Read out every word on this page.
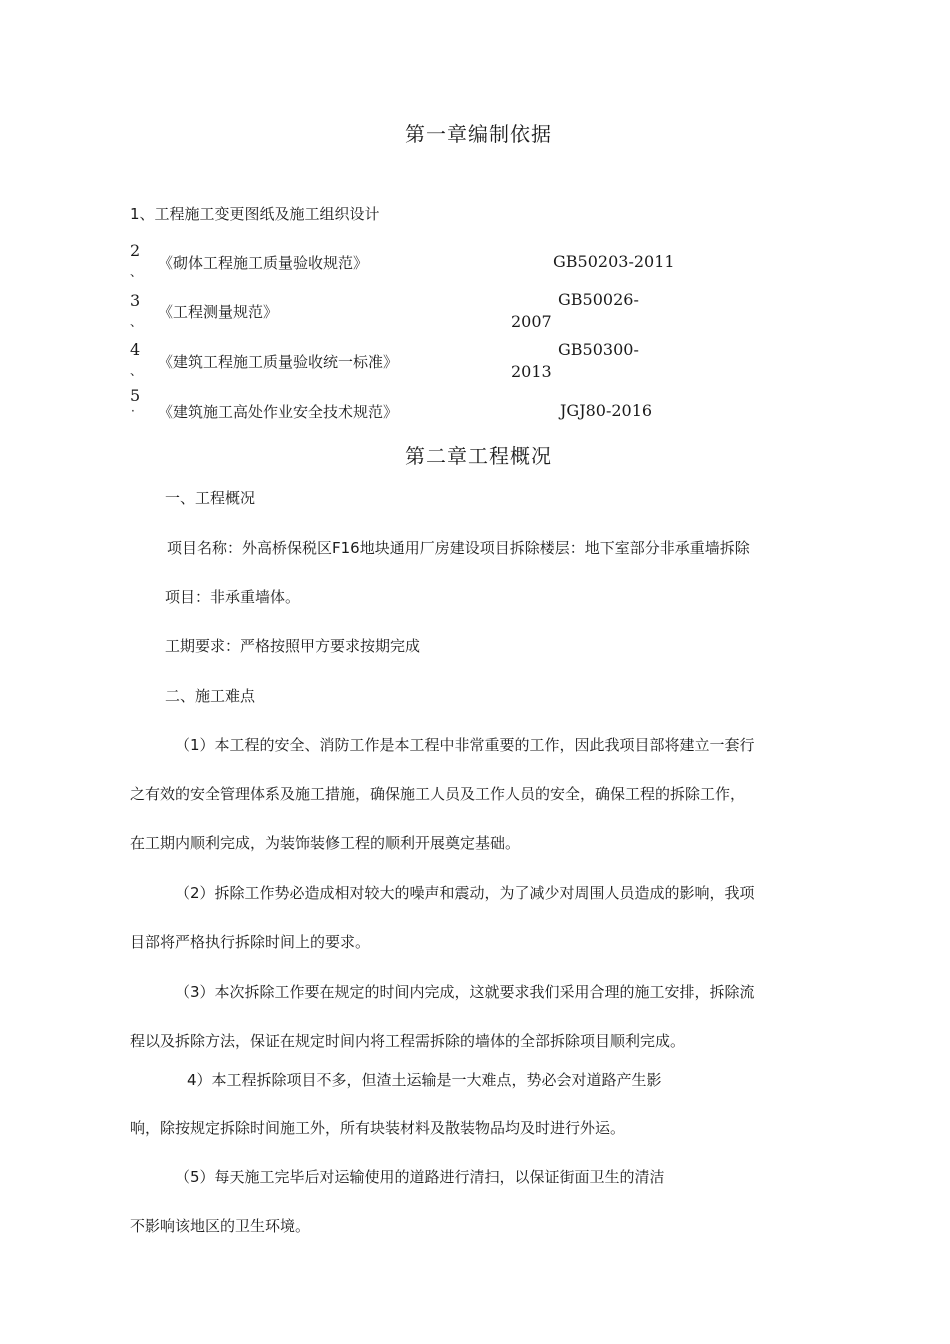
第一章编制依据
1、工程施工变更图纸及施工组织设计
2
、 《砌体工程施工质量验收规范》	GB50203-2011
3
、
《工程测量规范》
GB50026-
2007
4
、 《建筑工程施工质量验收统一标准》
GB50300-
2013
5
· 《建筑施工高处作业安全技术规范》	JGJ80-2016
第二章工程概况
一、工程概况
项目名称：外高桥保税区F16地块通用厂房建设项目拆除楼层：地下室部分非承重墙拆除
项目：非承重墙体。
工期要求：严格按照甲方要求按期完成
二、施工难点
（1）本工程的安全、消防工作是本工程中非常重要的工作，因此我项目部将建立一套行
之有效的安全管理体系及施工措施，确保施工人员及工作人员的安全，确保工程的拆除工作，
在工期内顺利完成，为装饰装修工程的顺利开展奠定基础。
（2）拆除工作势必造成相对较大的噪声和震动，为了减少对周围人员造成的影响，我项
目部将严格执行拆除时间上的要求。
（3）本次拆除工作要在规定的时间内完成，这就要求我们采用合理的施工安排，拆除流
程以及拆除方法，保证在规定时间内将工程需拆除的墙体的全部拆除项目顺利完成。
4）本工程拆除项目不多，但渣土运输是一大难点，势必会对道路产生影
响，除按规定拆除时间施工外，所有块装材料及散装物品均及时进行外运。
（5）每天施工完毕后对运输使用的道路进行清扫，以保证街面卫生的清洁
不影响该地区的卫生环境。
